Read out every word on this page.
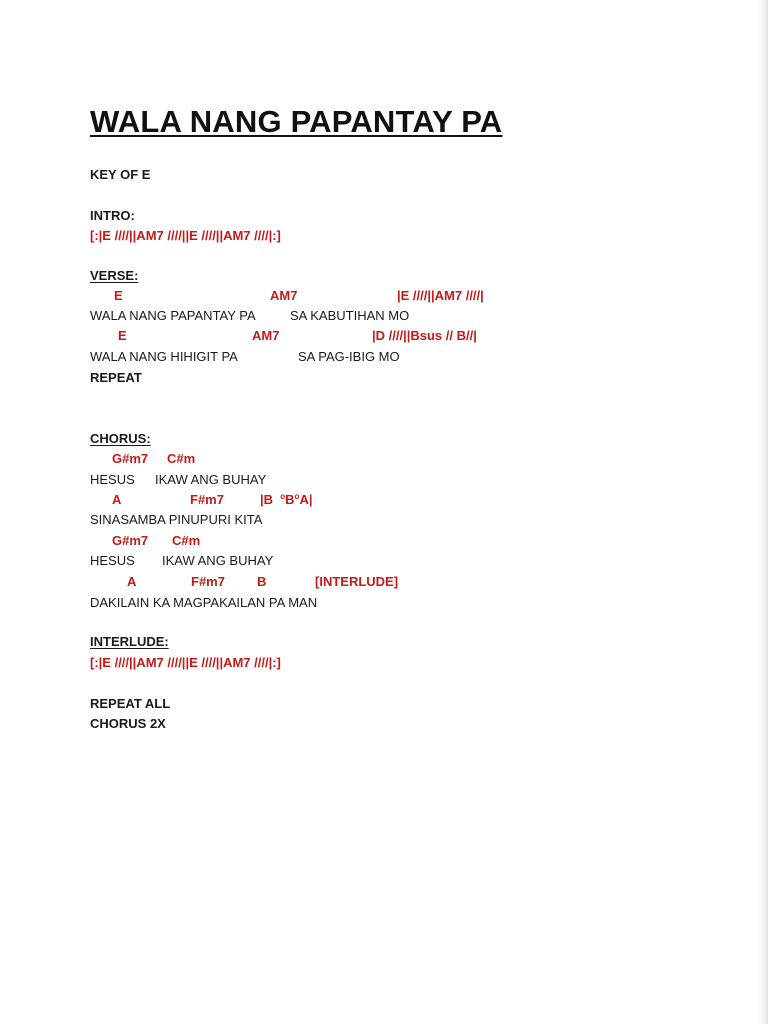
WALA NANG PAPANTAY PA
KEY OF E
INTRO:
[:|E ////||AM7 ////||E ////||AM7 ////|:]
VERSE:
E	AM7	|E ////||AM7 ////|
WALA NANG PAPANTAY PA	SA KABUTIHAN MO
E	AM7	|D ////||Bsus // B//|
WALA NANG HIHIGIT PA	SA PAG-IBIG MO
REPEAT
CHORUS:
G#m7 C#m
HESUS IKAW ANG BUHAY
A	F#m7	|B $^oB^oA|$
SINASAMBA PINUPURI KITA
G#m7 C#m
HESUS IKAW ANG BUHAY
A	F#m7 B	[INTERLUDE]
DAKILAIN KA MAGPAKAILAN PA MAN
INTERLUDE:
[:|E ////||AM7 ////||E ////||AM7 ////|:]
REPEAT ALL
CHORUS 2X
